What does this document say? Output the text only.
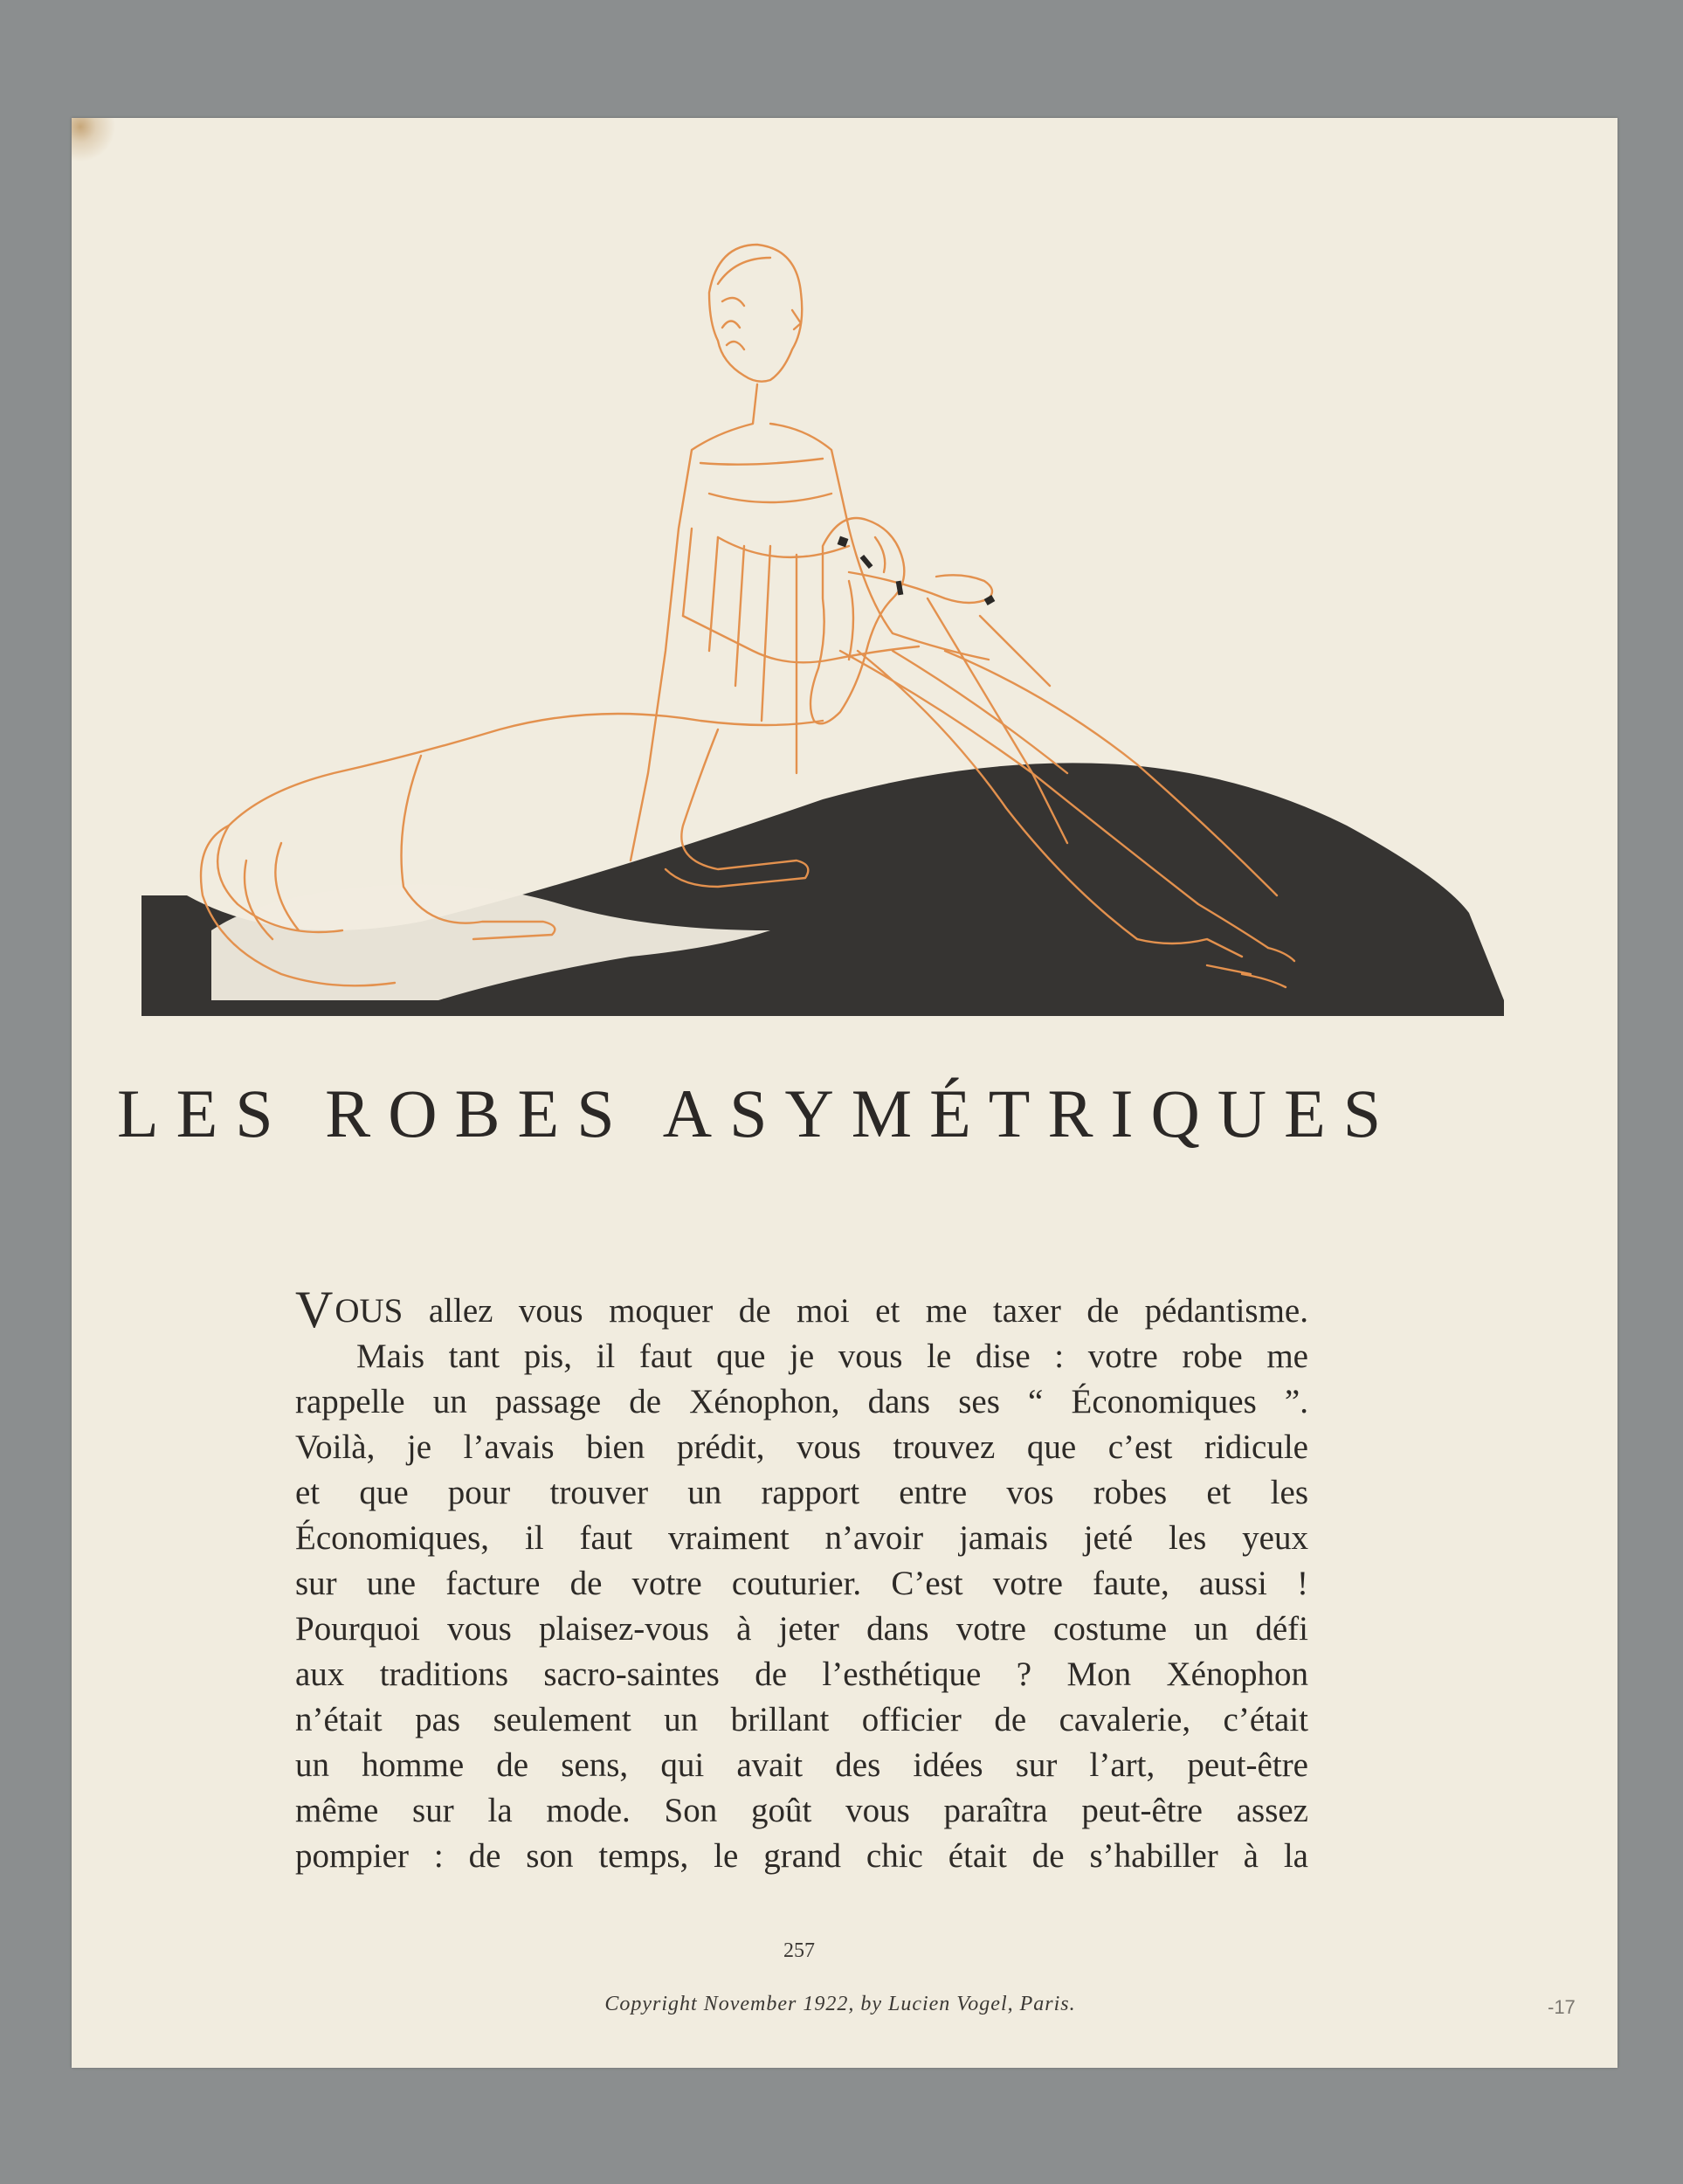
LES ROBES ASYMÉTRIQUES
VOUS allez vous moquer de moi et me taxer de pédantisme.
Mais tant pis, il faut que je vous le dise : votre robe me
rappelle un passage de Xénophon, dans ses “ Économiques ”.
Voilà, je l’avais bien prédit, vous trouvez que c’est ridicule
et que pour trouver un rapport entre vos robes et les
Économiques, il faut vraiment n’avoir jamais jeté les yeux
sur une facture de votre couturier. C’est votre faute, aussi !
Pourquoi vous plaisez-vous à jeter dans votre costume un défi
aux traditions sacro-saintes de l’esthétique ? Mon Xénophon
n’était pas seulement un brillant officier de cavalerie, c’était
un homme de sens, qui avait des idées sur l’art, peut-être
même sur la mode. Son goût vous paraîtra peut-être assez
pompier : de son temps, le grand chic était de s’habiller à la
257
Copyright November 1922, by Lucien Vogel, Paris.	-17
